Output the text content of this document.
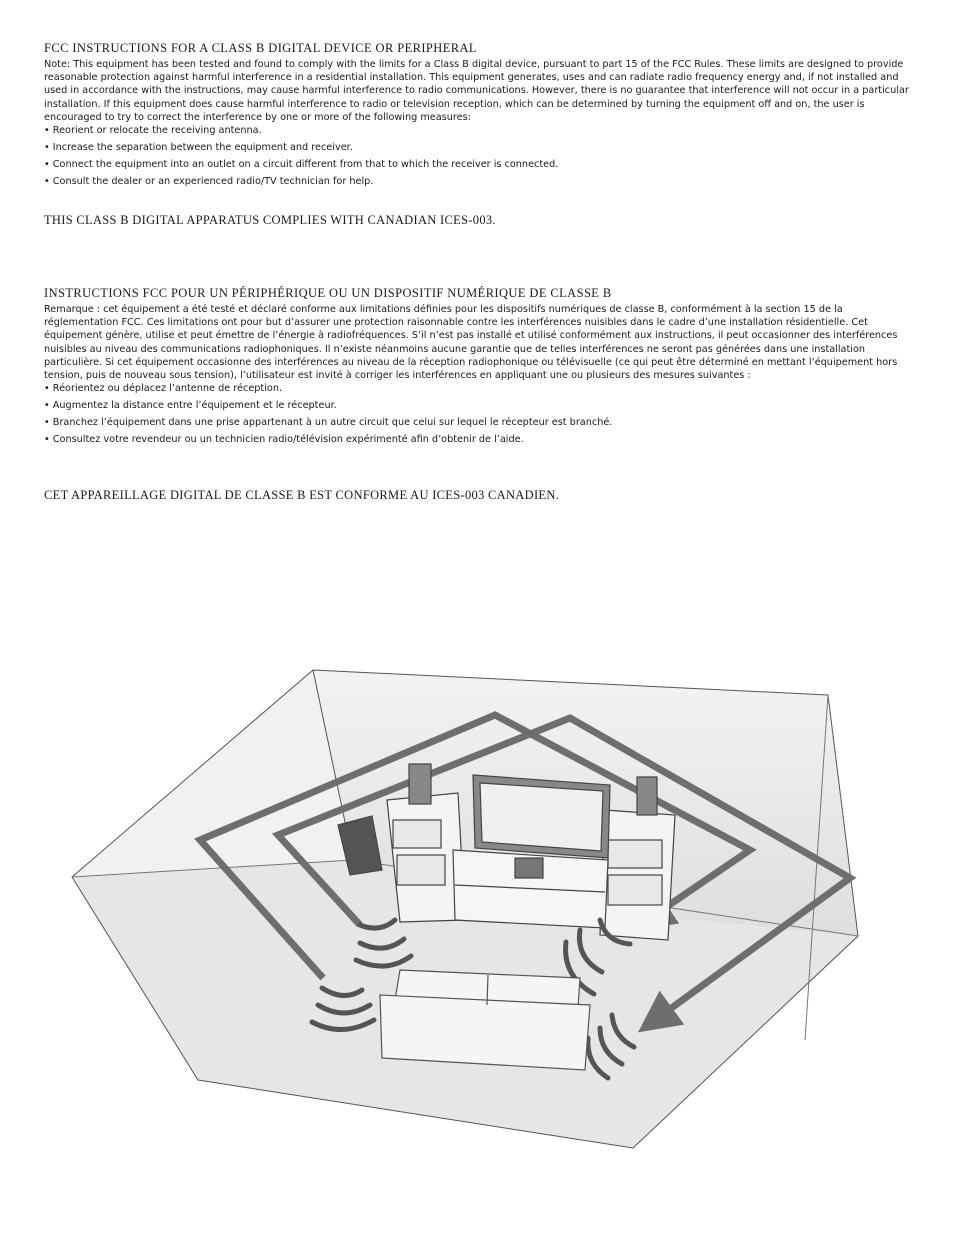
FCC INSTRUCTIONS FOR A CLASS B DIGITAL DEVICE OR PERIPHERAL

Note: This equipment has been tested and found to comply with the limits for a Class B digital device, pursuant to part 15 of the FCC Rules. These limits are designed to provide reasonable protection against harmful interference in a residential installation. This equipment generates, uses and can radiate radio frequency energy and, if not installed and used in accordance with the instructions, may cause harmful interference to radio communications. However, there is no guarantee that interference will not occur in a particular installation. If this equipment does cause harmful interference to radio or television reception, which can be determined by turning the equipment off and on, the user is encouraged to try to correct the interference by one or more of the following measures:

• Reorient or relocate the receiving antenna.
• Increase the separation between the equipment and receiver.
• Connect the equipment into an outlet on a circuit different from that to which the receiver is connected.
• Consult the dealer or an experienced radio/TV technician for help.

THIS CLASS B DIGITAL APPARATUS COMPLIES WITH CANADIAN ICES-003.

INSTRUCTIONS FCC POUR UN PÉRIPHÉRIQUE OU UN DISPOSITIF NUMÉRIQUE DE CLASSE B

Remarque : cet équipement a été testé et déclaré conforme aux limitations définies pour les dispositifs numériques de classe B, conformément à la section 15 de la réglementation FCC. Ces limitations ont pour but d’assurer une protection raisonnable contre les interférences nuisibles dans le cadre d’une installation résidentielle. Cet équipement génère, utilise et peut émettre de l’énergie à radiofréquences. S’il n’est pas installé et utilisé conformément aux instructions, il peut occasionner des interférences nuisibles au niveau des communications radiophoniques. Il n’existe néanmoins aucune garantie que de telles interférences ne seront pas générées dans une installation particulière. Si cet équipement occasionne des interférences au niveau de la réception radiophonique ou télévisuelle (ce qui peut être déterminé en mettant l’équipement hors tension, puis de nouveau sous tension), l’utilisateur est invité à corriger les interférences en appliquant une ou plusieurs des mesures suivantes :

• Réorientez ou déplacez l’antenne de réception.
• Augmentez la distance entre l’équipement et le récepteur.
• Branchez l’équipement dans une prise appartenant à un autre circuit que celui sur lequel le récepteur est branché.
• Consultez votre revendeur ou un technicien radio/télévision expérimenté afin d’obtenir de l’aide.

CET APPAREILLAGE DIGITAL DE CLASSE B EST CONFORME AU ICES-003 CANADIEN.
